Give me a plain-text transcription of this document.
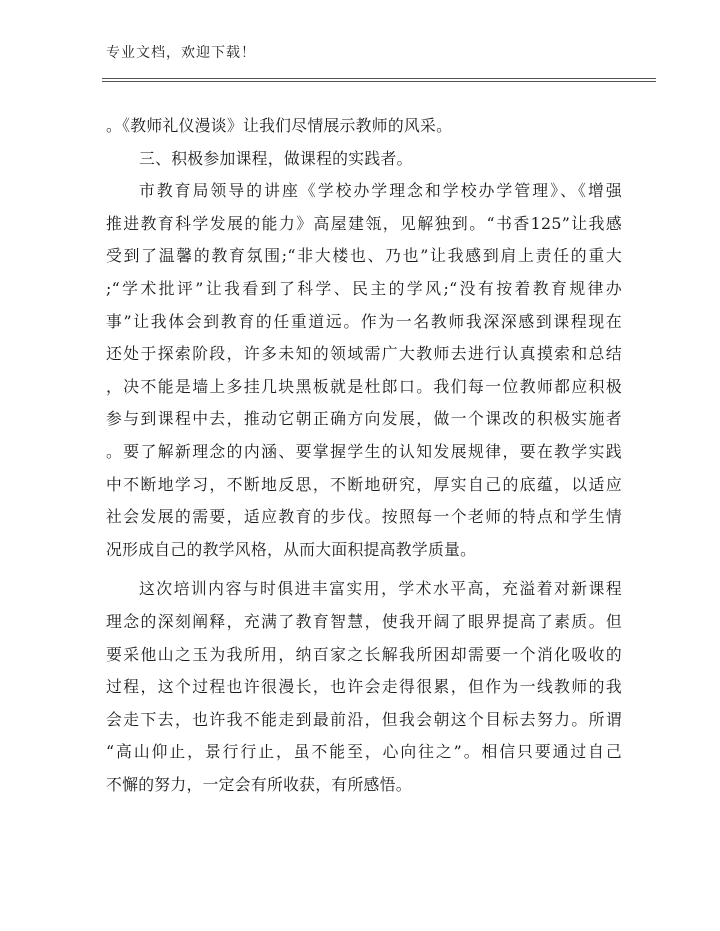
专业文档，欢迎下载！
。《教师礼仪漫谈》让我们尽情展示教师的风采。
三、积极参加课程，做课程的实践者。
市教育局领导的讲座《学校办学理念和学校办学管理》、《增强
推进教育科学发展的能力》高屋建瓴，见解独到。“书香125”让我感
受到了温馨的教育氛围;“非大楼也、乃也”让我感到肩上责任的重大
;“学术批评”让我看到了科学、民主的学风;“没有按着教育规律办
事”让我体会到教育的任重道远。作为一名教师我深深感到课程现在
还处于探索阶段，许多未知的领域需广大教师去进行认真摸索和总结
，决不能是墙上多挂几块黑板就是杜郎口。我们每一位教师都应积极
参与到课程中去，推动它朝正确方向发展，做一个课改的积极实施者
。要了解新理念的内涵、要掌握学生的认知发展规律，要在教学实践
中不断地学习，不断地反思，不断地研究，厚实自己的底蕴，以适应
社会发展的需要，适应教育的步伐。按照每一个老师的特点和学生情
况形成自己的教学风格，从而大面积提高教学质量。
这次培训内容与时俱进丰富实用，学术水平高，充溢着对新课程
理念的深刻阐释，充满了教育智慧，使我开阔了眼界提高了素质。但
要采他山之玉为我所用，纳百家之长解我所困却需要一个消化吸收的
过程，这个过程也许很漫长，也许会走得很累，但作为一线教师的我
会走下去，也许我不能走到最前沿，但我会朝这个目标去努力。所谓
“高山仰止，景行行止，虽不能至，心向往之”。相信只要通过自己
不懈的努力，一定会有所收获，有所感悟。
